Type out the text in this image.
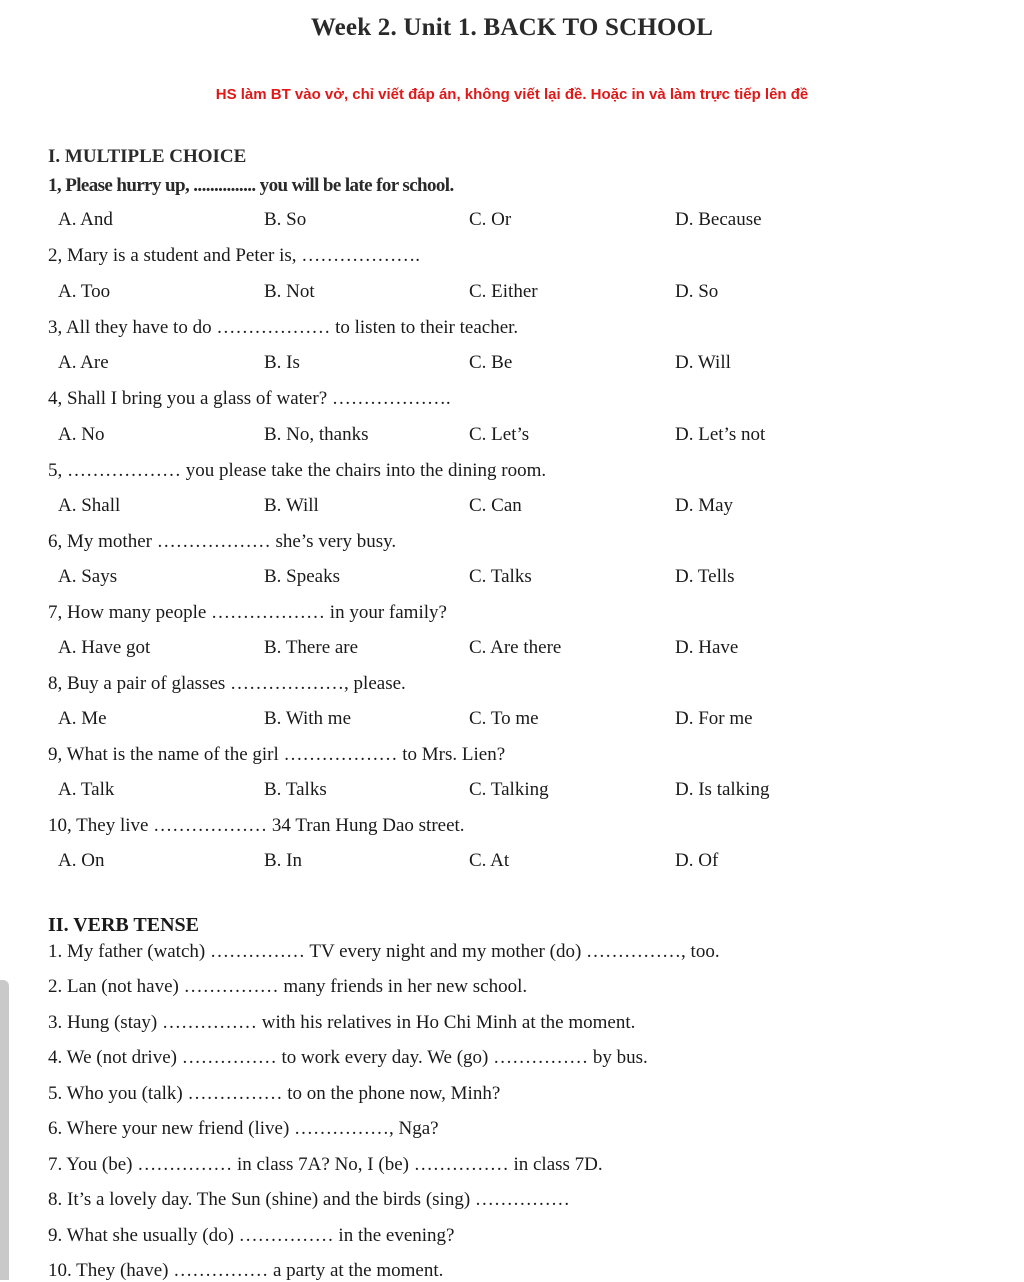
Week 2. Unit 1. BACK TO SCHOOL
HS làm BT vào vở, chỉ viết đáp án, không viết lại đề. Hoặc in và làm trực tiếp lên đề
I. MULTIPLE CHOICE
1, Please hurry up, ............... you will be late for school.
A. And	B. So	C. Or	D. Because
2, Mary is a student and Peter is, ……………….
A. Too	B. Not	C. Either	D. So
3, All they have to do ……………… to listen to their teacher.
A. Are	B. Is	C. Be	D. Will
4, Shall I bring you a glass of water? ……………….
A. No	B. No, thanks	C. Let’s	D. Let’s not
5, ……………… you please take the chairs into the dining room.
A. Shall	B. Will	C. Can	D. May
6, My mother ……………… she’s very busy.
A. Says	B. Speaks	C. Talks	D. Tells
7, How many people ……………… in your family?
A. Have got	B. There are	C. Are there	D. Have
8, Buy a pair of glasses ………………, please.
A. Me	B. With me	C. To me	D. For me
9, What is the name of the girl ……………… to Mrs. Lien?
A. Talk	B. Talks	C. Talking	D. Is talking
10, They live ……………… 34 Tran Hung Dao street.
A. On	B. In	C. At	D. Of
II. VERB TENSE
1. My father (watch) …………… TV every night and my mother (do) ……………, too.
2. Lan (not have) …………… many friends in her new school.
3. Hung (stay) …………… with his relatives in Ho Chi Minh at the moment.
4. We (not drive) …………… to work every day. We (go) …………… by bus.
5. Who you (talk) …………… to on the phone now, Minh?
6. Where your new friend (live) ……………, Nga?
7. You (be) …………… in class 7A? No, I (be) …………… in class 7D.
8. It’s a lovely day. The Sun (shine) and the birds (sing) ……………
9. What she usually (do) …………… in the evening?
10. They (have) …………… a party at the moment.
